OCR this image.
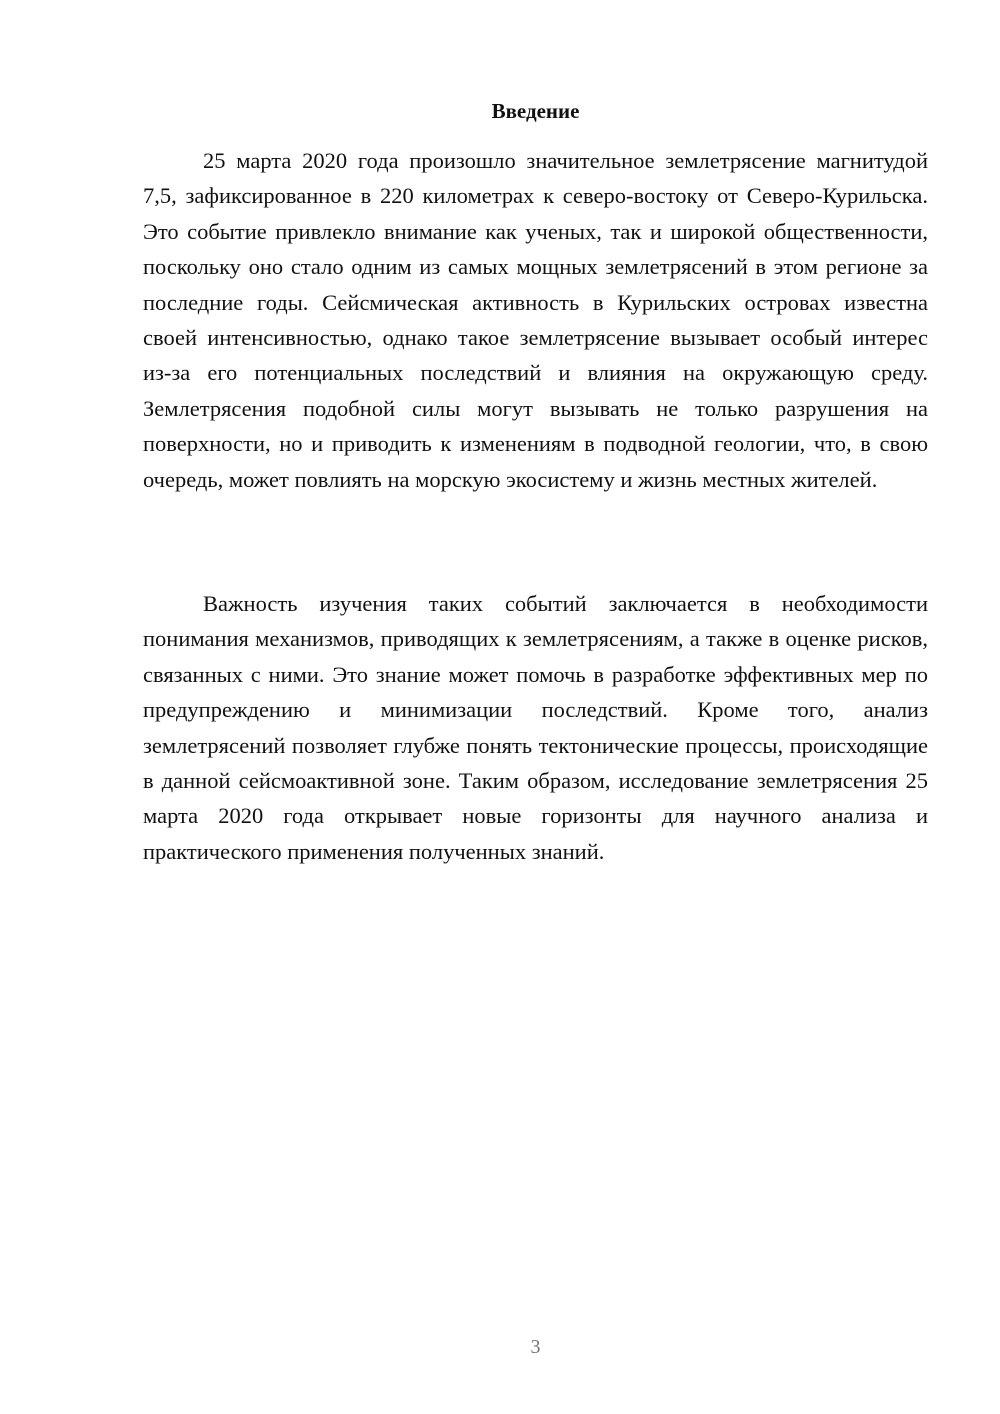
Введение

25 марта 2020 года произошло значительное землетрясение магнитудой 7,5, зафиксированное в 220 километрах к северо-востоку от Северо-Курильска. Это событие привлекло внимание как ученых, так и широкой общественности, поскольку оно стало одним из самых мощных землетрясений в этом регионе за последние годы. Сейсмическая активность в Курильских островах известна своей интенсивностью, однако такое землетрясение вызывает особый интерес из-за его потенциальных последствий и влияния на окружающую среду. Землетрясения подобной силы могут вызывать не только разрушения на поверхности, но и приводить к изменениям в подводной геологии, что, в свою очередь, может повлиять на морскую экосистему и жизнь местных жителей.

Важность изучения таких событий заключается в необходимости понимания механизмов, приводящих к землетрясениям, а также в оценке рисков, связанных с ними. Это знание может помочь в разработке эффективных мер по предупреждению и минимизации последствий. Кроме того, анализ землетрясений позволяет глубже понять тектонические процессы, происходящие в данной сейсмоактивной зоне. Таким образом, исследование землетрясения 25 марта 2020 года открывает новые горизонты для научного анализа и практического применения полученных знаний.

3
